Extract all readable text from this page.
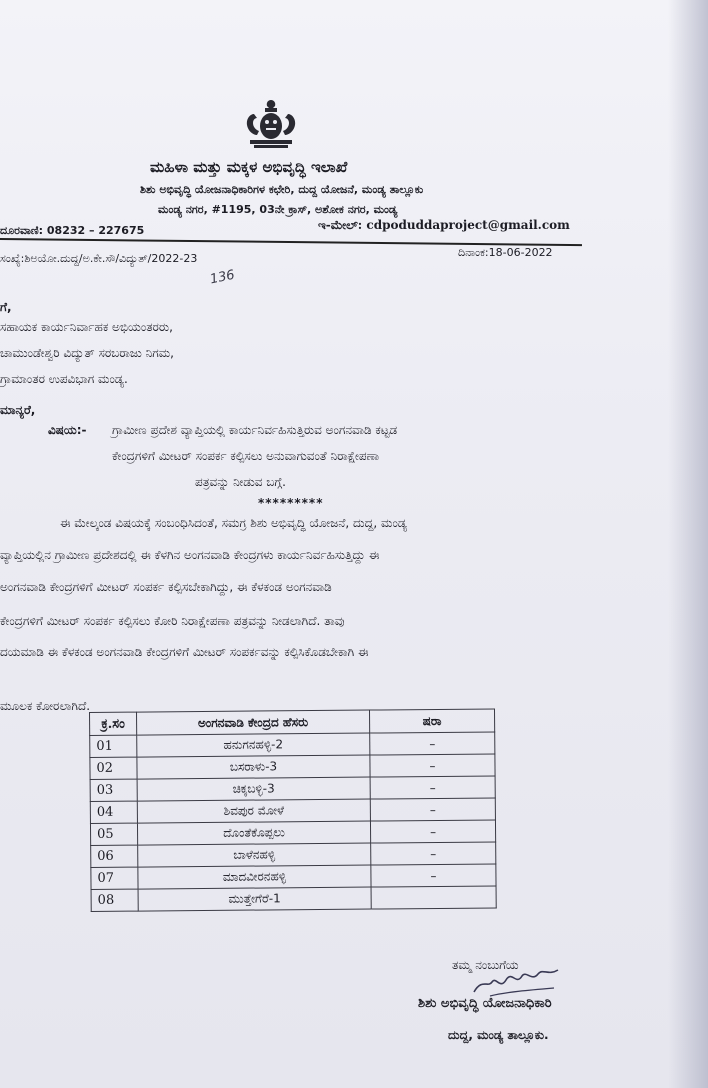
ಮಹಿಳಾ ಮತ್ತು ಮಕ್ಕಳ ಅಭಿವೃದ್ಧಿ ಇಲಾಖೆ
ಶಿಶು ಅಭಿವೃದ್ಧಿ ಯೋಜನಾಧಿಕಾರಿಗಳ ಕಛೇರಿ, ದುದ್ದ ಯೋಜನೆ, ಮಂಡ್ಯ ತಾಲ್ಲೂಕು
ಮಂಡ್ಯ ನಗರ, #1195, 03ನೇ ಕ್ರಾಸ್, ಅಶೋಕ ನಗರ, ಮಂಡ್ಯ
ದೂರವಾಣಿ: 08232 – 227675	ಇ-ಮೇಲ್: cdpoduddaproject@gmail.com
ಸಂಖ್ಯೆ:ಶಿಅಯೋ.ದುದ್ದ/ಅ.ಕೇ.ಸೌ/ವಿದ್ಯುತ್/2022-23	ದಿನಾಂಕ:18-06-2022
136
ಗೆ,
ಸಹಾಯಕ ಕಾರ್ಯನಿರ್ವಾಹಕ ಅಭಿಯಂತರರು,
ಚಾಮುಂಡೇಶ್ವರಿ ವಿದ್ಯುತ್ ಸರಬರಾಜು ನಿಗಮ,
ಗ್ರಾಮಾಂತರ ಉಪವಿಭಾಗ ಮಂಡ್ಯ.
ಮಾನ್ಯರೆ,
ವಿಷಯ:- ಗ್ರಾಮೀಣ ಪ್ರದೇಶ ವ್ಯಾಪ್ತಿಯಲ್ಲಿ ಕಾರ್ಯನಿರ್ವಹಿಸುತ್ತಿರುವ ಅಂಗನವಾಡಿ ಕಟ್ಟಡ
ಕೇಂದ್ರಗಳಿಗೆ ಮೀಟರ್ ಸಂಪರ್ಕ ಕಲ್ಪಿಸಲು ಅನುವಾಗುವಂತೆ ನಿರಾಕ್ಷೇಪಣಾ
ಪತ್ರವನ್ನು ನೀಡುವ ಬಗ್ಗೆ.
*********
ಈ ಮೇಲ್ಕಂಡ ವಿಷಯಕ್ಕೆ ಸಂಬಂಧಿಸಿದಂತೆ, ಸಮಗ್ರ ಶಿಶು ಅಭಿವೃದ್ಧಿ ಯೋಜನೆ, ದುದ್ದ, ಮಂಡ್ಯ
ವ್ಯಾಪ್ತಿಯಲ್ಲಿನ ಗ್ರಾಮೀಣ ಪ್ರದೇಶದಲ್ಲಿ ಈ ಕೆಳಗಿನ ಅಂಗನವಾಡಿ ಕೇಂದ್ರಗಳು ಕಾರ್ಯನಿರ್ವಹಿಸುತ್ತಿದ್ದು ಈ
ಅಂಗನವಾಡಿ ಕೇಂದ್ರಗಳಿಗೆ ಮೀಟರ್ ಸಂಪರ್ಕ ಕಲ್ಪಿಸಬೇಕಾಗಿದ್ದು, ಈ ಕೆಳಕಂಡ ಅಂಗನವಾಡಿ
ಕೇಂದ್ರಗಳಿಗೆ ಮೀಟರ್ ಸಂಪರ್ಕ ಕಲ್ಪಿಸಲು ಕೋರಿ ನಿರಾಕ್ಷೇಪಣಾ ಪತ್ರವನ್ನು ನೀಡಲಾಗಿದೆ. ತಾವು
ದಯಮಾಡಿ ಈ ಕೆಳಕಂಡ ಅಂಗನವಾಡಿ ಕೇಂದ್ರಗಳಿಗೆ ಮೀಟರ್ ಸಂಪರ್ಕವನ್ನು ಕಲ್ಪಿಸಿಕೊಡಬೇಕಾಗಿ ಈ
ಮೂಲಕ ಕೋರಲಾಗಿದೆ.
ಕ್ರ.ಸಂ	ಅಂಗನವಾಡಿ ಕೇಂದ್ರದ ಹೆಸರು	ಷರಾ
01	ಹನುಗನಹಳ್ಳಿ-2	–
02	ಬಸರಾಳು-3	–
03	ಚಿಕ್ಕಬಳ್ಳಿ-3	–
04	ಶಿವಪುರ ಮೋಳೆ	–
05	ದೊಂತೆಕೊಪ್ಪಲು	–
06	ಬಾಳೆನಹಳ್ಳಿ	–
07	ಮಾದವೀರನಹಳ್ಳಿ	–
08	ಮುತ್ತೇಗೆರೆ-1	
ತಮ್ಮ ನಂಬುಗೆಯ
ಶಿಶು ಅಭಿವೃದ್ಧಿ ಯೋಜನಾಧಿಕಾರಿ
ದುದ್ದ, ಮಂಡ್ಯ ತಾಲ್ಲೂಕು.
